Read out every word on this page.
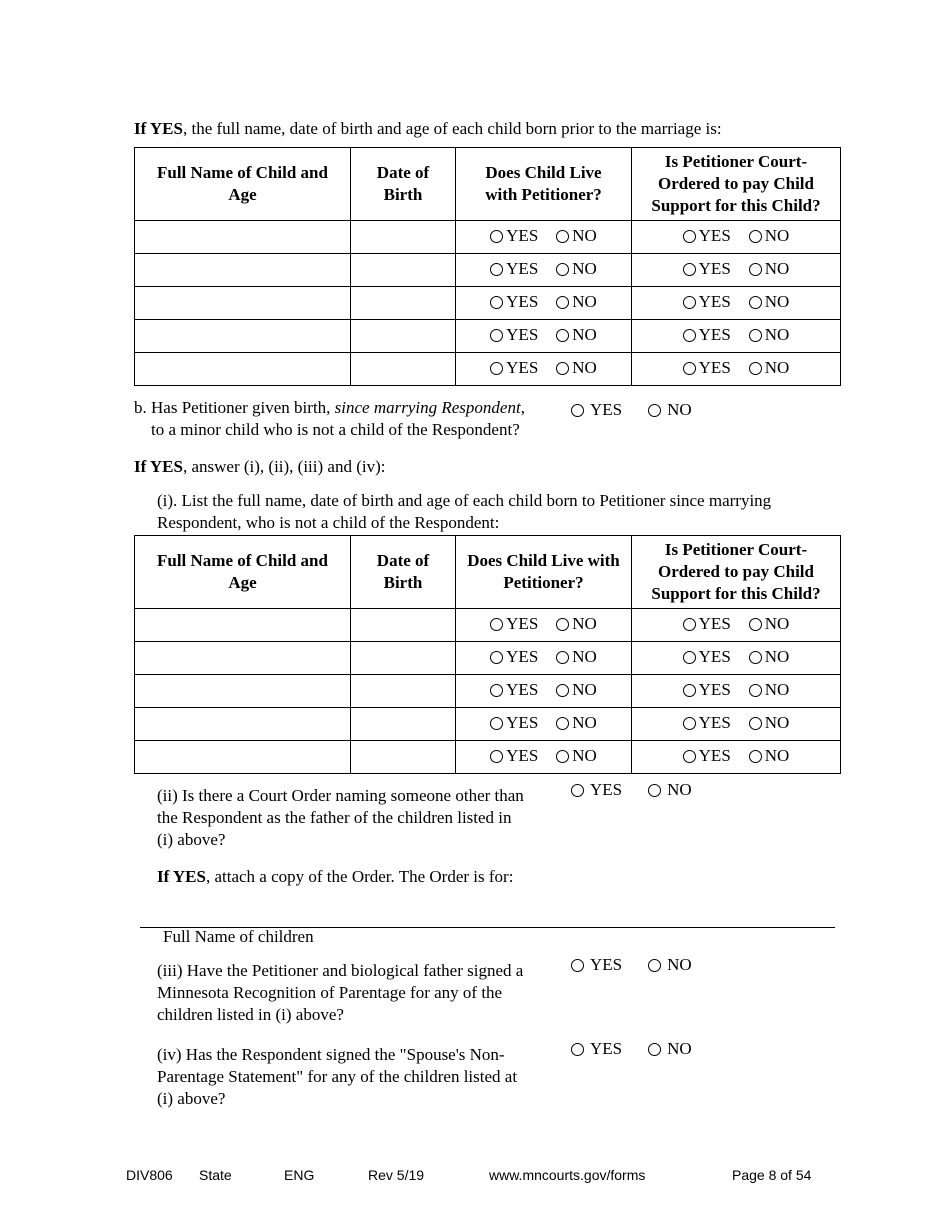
If YES, the full name, date of birth and age of each child born prior to the marriage is:
Full Name of Child and Age	Date of Birth	Does Child Live with Petitioner?	Is Petitioner Court-Ordered to pay Child Support for this Child?

		YES NO	YES NO

		YES NO	YES NO

		YES NO	YES NO

		YES NO	YES NO

		YES NO	YES NO
b. Has Petitioner given birth, since marrying Respondent,
to a minor child who is not a child of the Respondent?
YES	NO
If YES, answer (i), (ii), (iii) and (iv):
(i). List the full name, date of birth and age of each child born to Petitioner since marrying
Respondent, who is not a child of the Respondent:
Full Name of Child and Age	Date of Birth	Does Child Live with Petitioner?	Is Petitioner Court-Ordered to pay Child Support for this Child?

		YES NO	YES NO

		YES NO	YES NO

		YES NO	YES NO

		YES NO	YES NO

		YES NO	YES NO
(ii) Is there a Court Order naming someone other than
the Respondent as the father of the children listed in
(i) above?
YES	NO
If YES, attach a copy of the Order. The Order is for:
Full Name of children
(iii) Have the Petitioner and biological father signed a
Minnesota Recognition of Parentage for any of the
children listed in (i) above?
YES	NO
(iv) Has the Respondent signed the "Spouse's Non-
Parentage Statement" for any of the children listed at
(i) above?
YES	NO
DIV806 State	ENG	Rev 5/19	www.mncourts.gov/forms	Page 8 of 54
